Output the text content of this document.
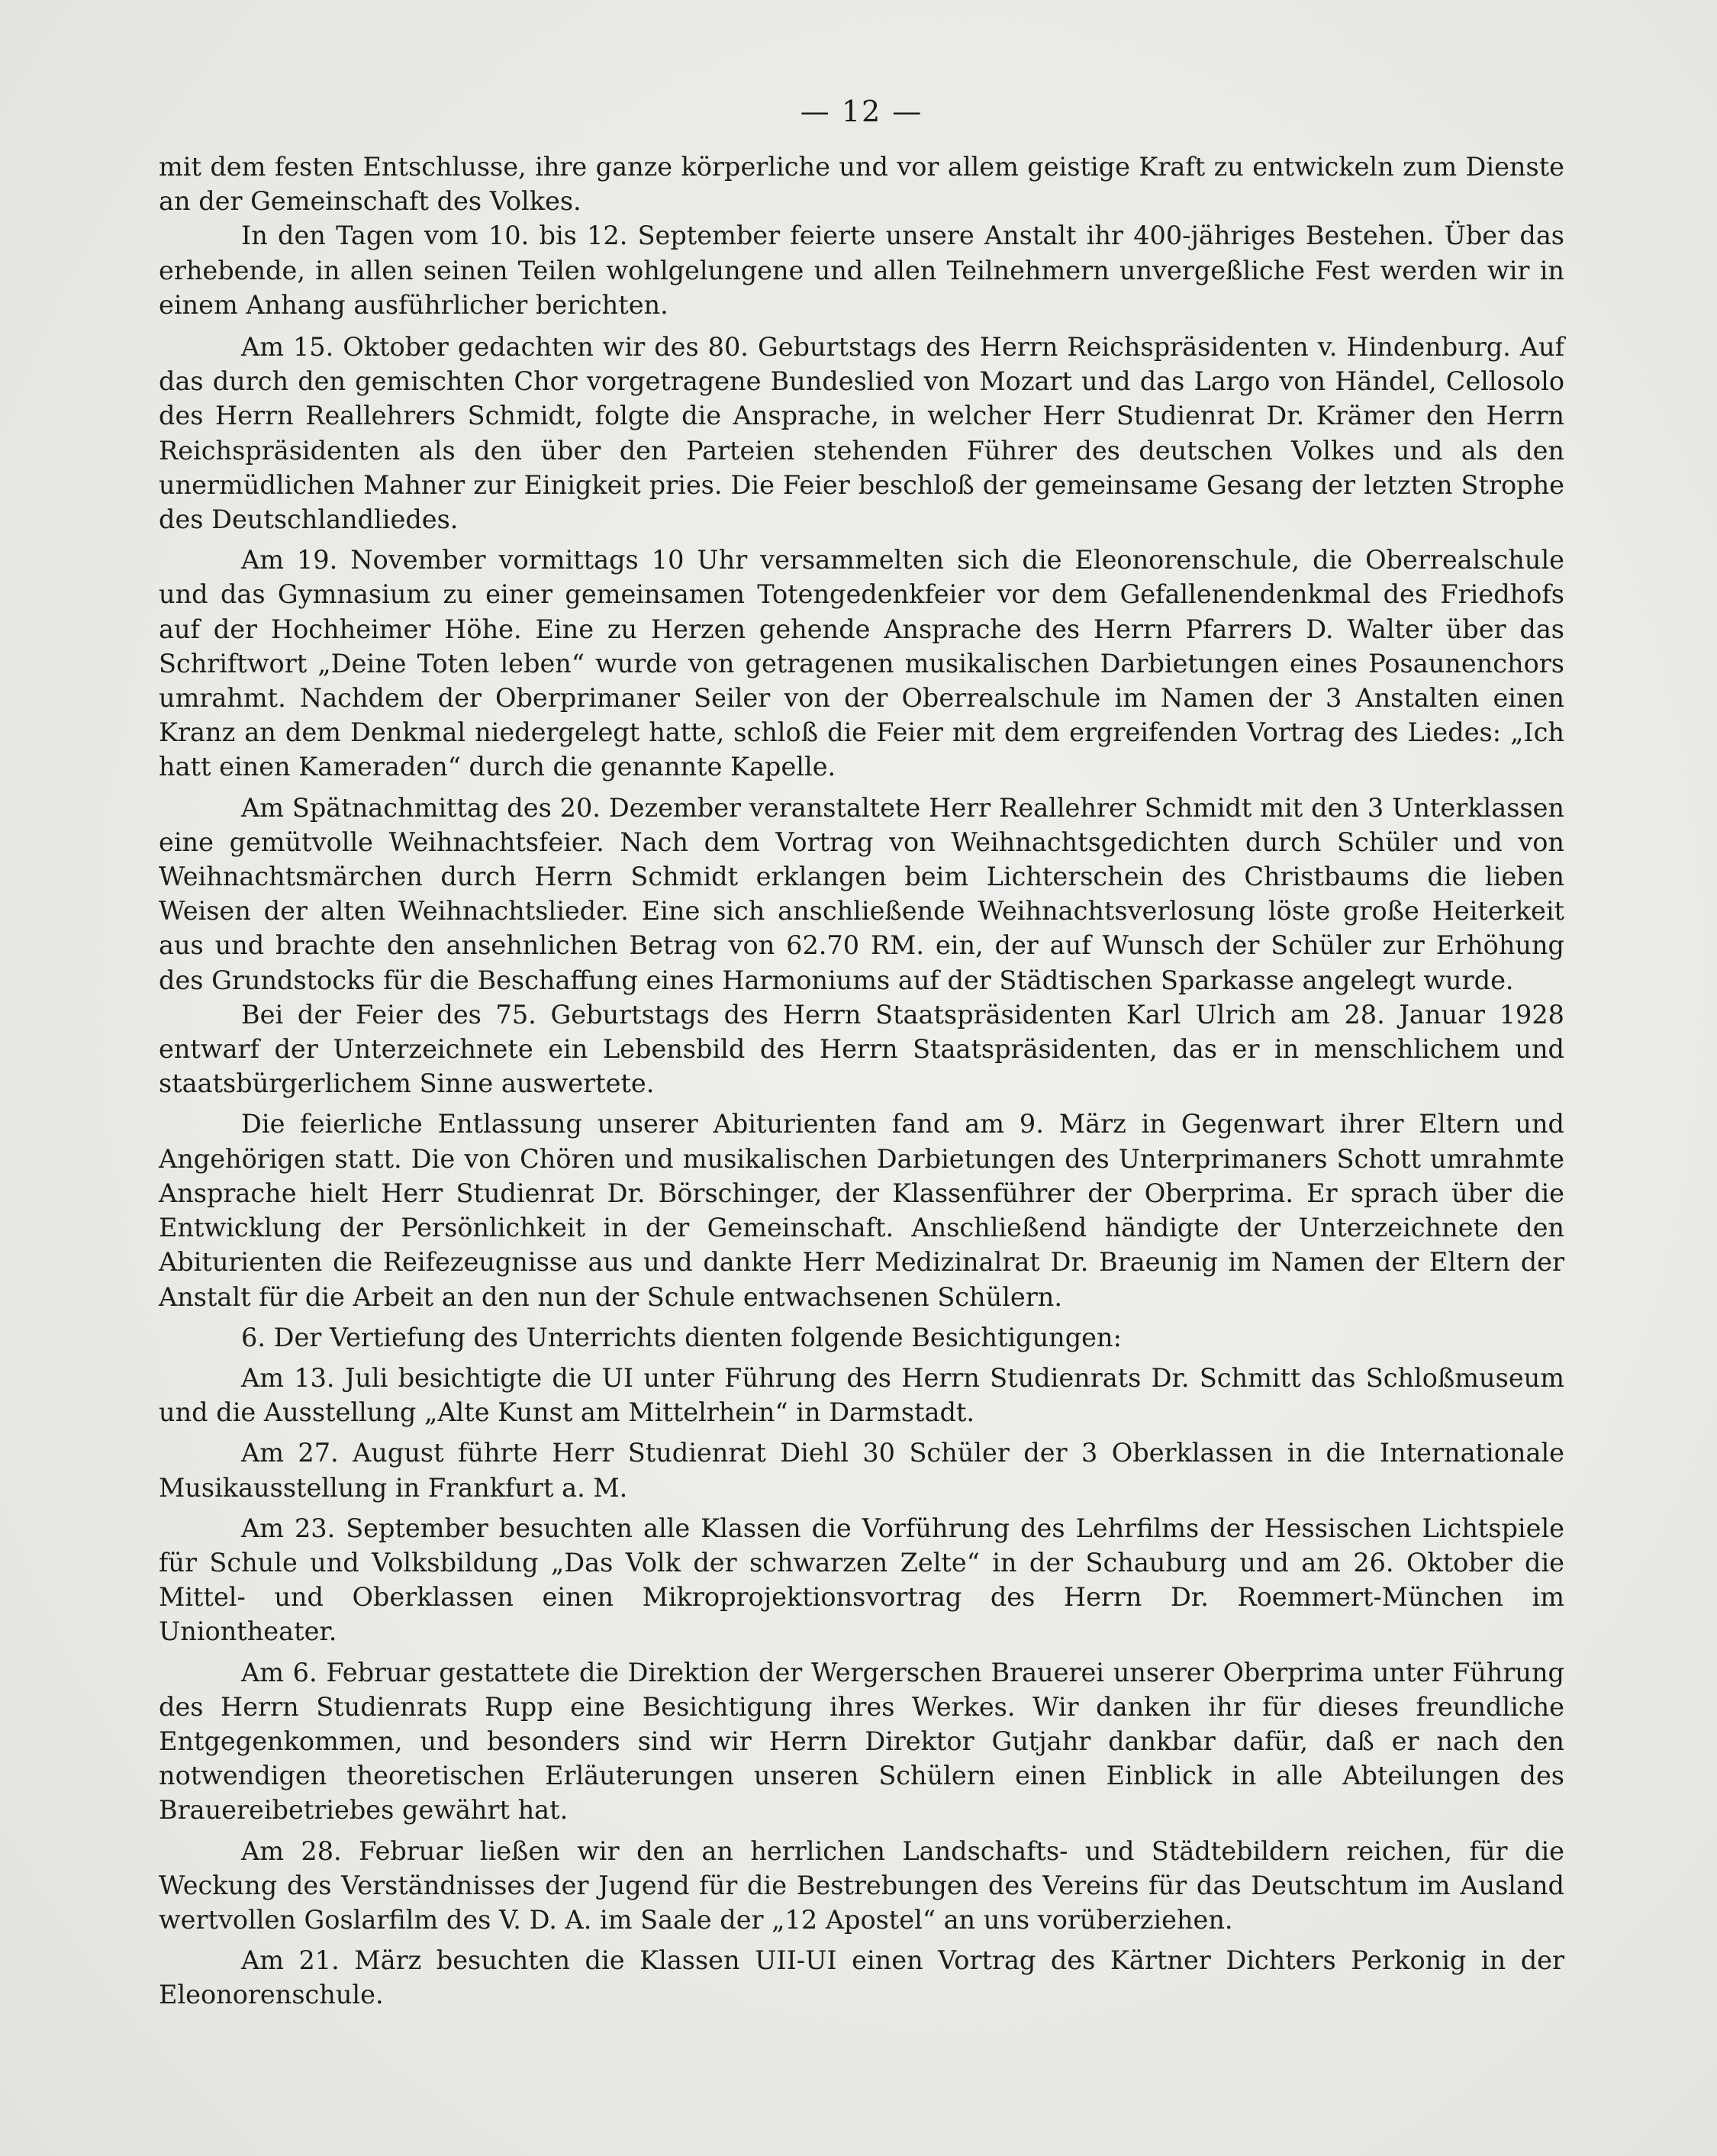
— 12 —

mit dem festen Entschlusse, ihre ganze körperliche und vor allem geistige Kraft zu entwickeln zum Dienste an der Gemeinschaft des Volkes.

In den Tagen vom 10. bis 12. September feierte unsere Anstalt ihr 400-jähriges Bestehen. Über das erhebende, in allen seinen Teilen wohlgelungene und allen Teilnehmern unvergeßliche Fest werden wir in einem Anhang ausführlicher berichten.

Am 15. Oktober gedachten wir des 80. Geburtstags des Herrn Reichspräsidenten v. Hindenburg. Auf das durch den gemischten Chor vorgetragene Bundeslied von Mozart und das Largo von Händel, Cellosolo des Herrn Reallehrers Schmidt, folgte die Ansprache, in welcher Herr Studienrat Dr. Krämer den Herrn Reichspräsidenten als den über den Parteien stehenden Führer des deutschen Volkes und als den unermüdlichen Mahner zur Einigkeit pries. Die Feier beschloß der gemeinsame Gesang der letzten Strophe des Deutschlandliedes.

Am 19. November vormittags 10 Uhr versammelten sich die Eleonorenschule, die Oberrealschule und das Gymnasium zu einer gemeinsamen Totengedenkfeier vor dem Gefallenendenkmal des Friedhofs auf der Hochheimer Höhe. Eine zu Herzen gehende Ansprache des Herrn Pfarrers D. Walter über das Schriftwort „Deine Toten leben“ wurde von getragenen musikalischen Darbietungen eines Posaunenchors umrahmt. Nachdem der Oberprimaner Seiler von der Oberrealschule im Namen der 3 Anstalten einen Kranz an dem Denkmal niedergelegt hatte, schloß die Feier mit dem ergreifenden Vortrag des Liedes: „Ich hatt einen Kameraden“ durch die genannte Kapelle.

Am Spätnachmittag des 20. Dezember veranstaltete Herr Reallehrer Schmidt mit den 3 Unterklassen eine gemütvolle Weihnachtsfeier. Nach dem Vortrag von Weihnachtsgedichten durch Schüler und von Weihnachtsmärchen durch Herrn Schmidt erklangen beim Lichterschein des Christbaums die lieben Weisen der alten Weihnachtslieder. Eine sich anschließende Weihnachtsverlosung löste große Heiterkeit aus und brachte den ansehnlichen Betrag von 62.70 RM. ein, der auf Wunsch der Schüler zur Erhöhung des Grundstocks für die Beschaffung eines Harmoniums auf der Städtischen Sparkasse angelegt wurde.

Bei der Feier des 75. Geburtstags des Herrn Staatspräsidenten Karl Ulrich am 28. Januar 1928 entwarf der Unterzeichnete ein Lebensbild des Herrn Staatspräsidenten, das er in menschlichem und staatsbürgerlichem Sinne auswertete.

Die feierliche Entlassung unserer Abiturienten fand am 9. März in Gegenwart ihrer Eltern und Angehörigen statt. Die von Chören und musikalischen Darbietungen des Unterprimaners Schott umrahmte Ansprache hielt Herr Studienrat Dr. Börschinger, der Klassenführer der Oberprima. Er sprach über die Entwicklung der Persönlichkeit in der Gemeinschaft. Anschließend händigte der Unterzeichnete den Abiturienten die Reifezeugnisse aus und dankte Herr Medizinalrat Dr. Braeunig im Namen der Eltern der Anstalt für die Arbeit an den nun der Schule entwachsenen Schülern.

6. Der Vertiefung des Unterrichts dienten folgende Besichtigungen:

Am 13. Juli besichtigte die UI unter Führung des Herrn Studienrats Dr. Schmitt das Schloßmuseum und die Ausstellung „Alte Kunst am Mittelrhein“ in Darmstadt.

Am 27. August führte Herr Studienrat Diehl 30 Schüler der 3 Oberklassen in die Internationale Musikausstellung in Frankfurt a. M.

Am 23. September besuchten alle Klassen die Vorführung des Lehrfilms der Hessischen Lichtspiele für Schule und Volksbildung „Das Volk der schwarzen Zelte“ in der Schauburg und am 26. Oktober die Mittel- und Oberklassen einen Mikroprojektionsvortrag des Herrn Dr. Roemmert-München im Uniontheater.

Am 6. Februar gestattete die Direktion der Wergerschen Brauerei unserer Oberprima unter Führung des Herrn Studienrats Rupp eine Besichtigung ihres Werkes. Wir danken ihr für dieses freundliche Entgegenkommen, und besonders sind wir Herrn Direktor Gutjahr dankbar dafür, daß er nach den notwendigen theoretischen Erläuterungen unseren Schülern einen Einblick in alle Abteilungen des Brauereibetriebes gewährt hat.

Am 28. Februar ließen wir den an herrlichen Landschafts- und Städtebildern reichen, für die Weckung des Verständnisses der Jugend für die Bestrebungen des Vereins für das Deutschtum im Ausland wertvollen Goslarfilm des V. D. A. im Saale der „12 Apostel“ an uns vorüberziehen.

Am 21. März besuchten die Klassen UII-UI einen Vortrag des Kärtner Dichters Perkonig in der Eleonorenschule.
